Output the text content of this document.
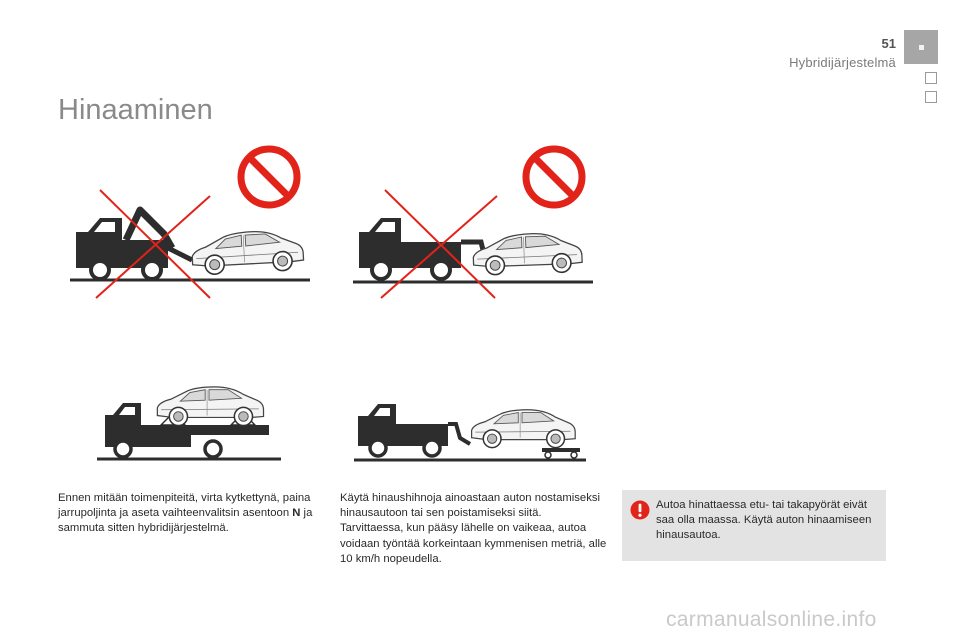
51
Hybridijärjestelmä
Hinaaminen
Ennen mitään toimenpiteitä, virta kytkettynä, paina jarrupoljinta ja aseta vaihteenvalitsin asentoon N ja sammuta sitten hybridijärjestelmä.
Käytä hinaushihnoja ainoastaan auton nostamiseksi hinausautoon tai sen poistamiseksi siitä.
Tarvittaessa, kun pääsy lähelle on vaikeaa, autoa voidaan työntää korkeintaan kymmenisen metriä, alle 10 km/h nopeudella.
Autoa hinattaessa etu- tai takapyörät eivät saa olla maassa. Käytä auton hinaamiseen hinausautoa.
carmanualsonline.info
